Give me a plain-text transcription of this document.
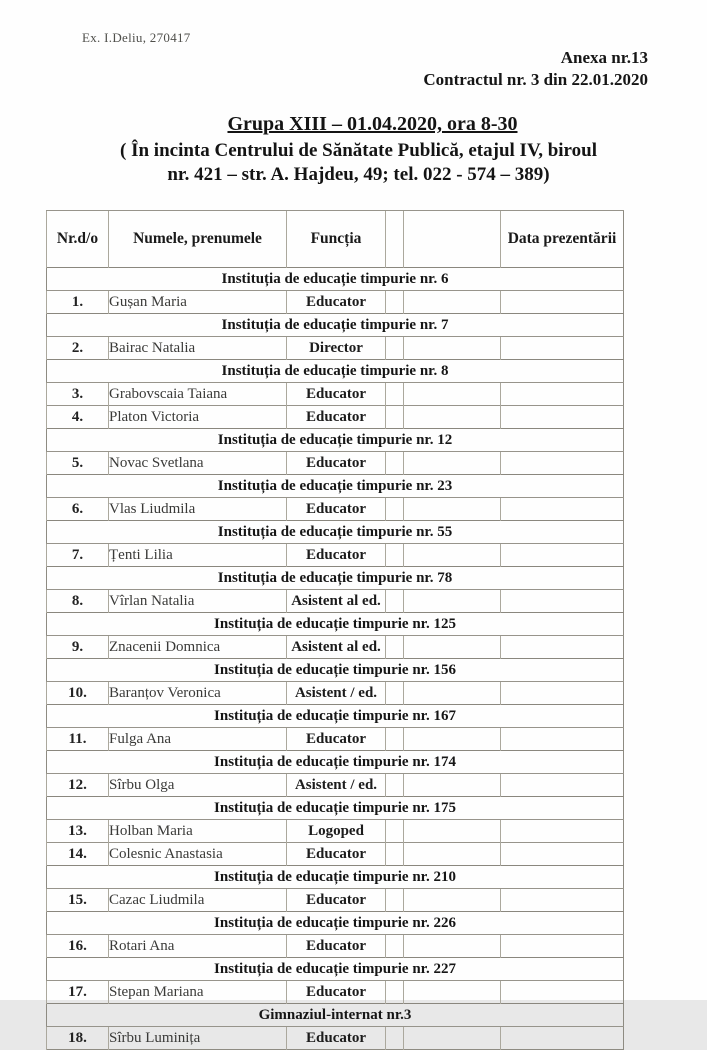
Ex. I.Deliu, 270417
Anexa nr.13
Contractul nr. 3 din 22.01.2020
Grupa XIII – 01.04.2020, ora 8-30
( În incinta Centrului de Sănătate Publică, etajul IV, biroul
nr. 421 – str. A. Hajdeu, 49; tel. 022 - 574 – 389)
Nr.d/o	Numele, prenumele	Funcția			Data prezentării
Instituția de educație timpurie nr. 6					
1.	Gușan Maria	Educator			
Instituția de educație timpurie nr. 7					
2.	Bairac Natalia	Director			
Instituția de educație timpurie nr. 8					
3.	Grabovscaia Taiana	Educator			
4.	Platon Victoria	Educator			
Instituția de educație timpurie nr. 12					
5.	Novac Svetlana	Educator			
Instituția de educație timpurie nr. 23					
6.	Vlas Liudmila	Educator			
Instituția de educație timpurie nr. 55					
7.	Țenti Lilia	Educator			
Instituția de educație timpurie nr. 78					
8.	Vîrlan Natalia	Asistent al ed.			
Instituția de educație timpurie nr. 125					
9.	Znacenii Domnica	Asistent al ed.			
Instituția de educație timpurie nr. 156					
10.	Baranțov Veronica	Asistent / ed.			
Instituția de educație timpurie nr. 167					
11.	Fulga Ana	Educator			
Instituția de educație timpurie nr. 174					
12.	Sîrbu Olga	Asistent / ed.			
Instituția de educație timpurie nr. 175					
13.	Holban Maria	Logoped			
14.	Colesnic Anastasia	Educator			
Instituția de educație timpurie nr. 210					
15.	Cazac Liudmila	Educator			
Instituția de educație timpurie nr. 226					
16.	Rotari Ana	Educator			
Instituția de educație timpurie nr. 227					
17.	Stepan Mariana	Educator			
Gimnaziul-internat nr.3					
18.	Sîrbu Luminița	Educator			
